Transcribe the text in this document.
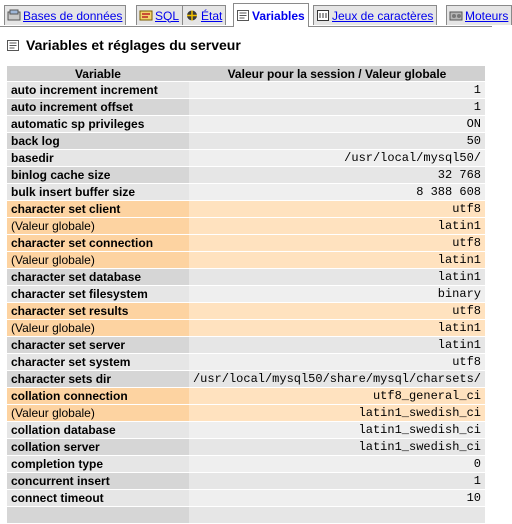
Bases de données	SQL État Variables Jeux de caractères	Moteurs
Variables et réglages du serveur
Variable	Valeur pour la session / Valeur globale
auto increment increment	1
auto increment offset	1
automatic sp privileges	ON
back log	50
basedir	/usr/local/mysql50/
binlog cache size	32 768
bulk insert buffer size	8 388 608
character set client	utf8
(Valeur globale)	latin1
character set connection	utf8
(Valeur globale)	latin1
character set database	latin1
character set filesystem	binary
character set results	utf8
(Valeur globale)	latin1
character set server	latin1
character set system	utf8
character sets dir	/usr/local/mysql50/share/mysql/charsets/
collation connection	utf8_general_ci
(Valeur globale)	latin1_swedish_ci
collation database	latin1_swedish_ci
collation server	latin1_swedish_ci
completion type	0
concurrent insert	1
connect timeout	10
